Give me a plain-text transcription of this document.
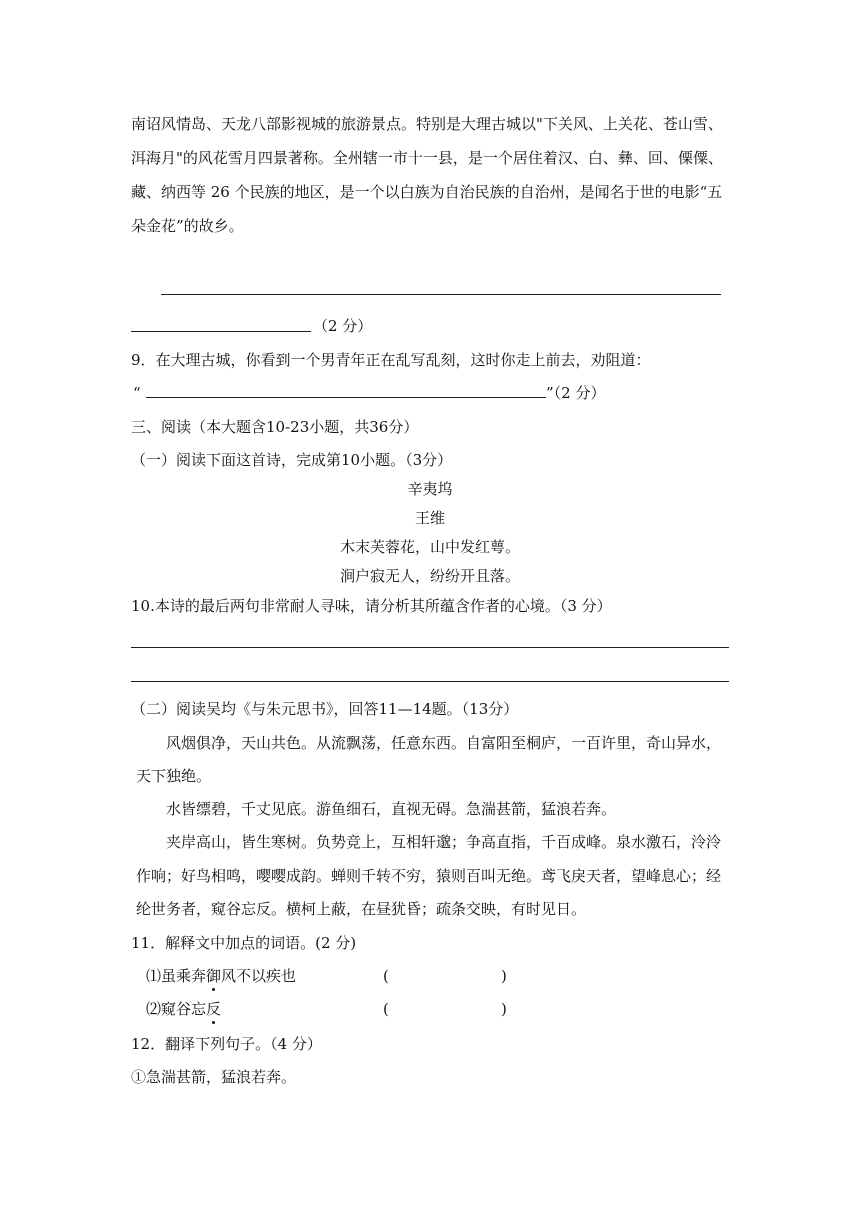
南诏风情岛、天龙八部影视城的旅游景点。特别是大理古城以"下关风、上关花、苍山雪、
洱海月"的风花雪月四景著称。全州辖一市十一县，是一个居住着汉、白、彝、回、傈僳、
藏、纳西等 26 个民族的地区，是一个以白族为自治民族的自治州，是闻名于世的电影“五
朵金花”的故乡。
（2 分）
9．在大理古城，你看到一个男青年正在乱写乱刻，这时你走上前去，劝阻道：
“	”（2 分）
三、阅读（本大题含10-23小题，共36分）
（一）阅读下面这首诗，完成第10小题。（3分）
辛夷坞
王维
木末芙蓉花，山中发红萼。
涧户寂无人，纷纷开且落。
10.本诗的最后两句非常耐人寻味，请分析其所蕴含作者的心境。（3 分）
（二）阅读吴均《与朱元思书》，回答11—14题。（13分）
风烟俱净，天山共色。从流飘荡，任意东西。自富阳至桐庐，一百许里，奇山异水，
天下独绝。
水皆缥碧，千丈见底。游鱼细石，直视无碍。急湍甚箭，猛浪若奔。
夹岸高山，皆生寒树。负势竞上，互相轩邈；争高直指，千百成峰。泉水激石，泠泠
作响；好鸟相鸣，嘤嘤成韵。蝉则千转不穷，猿则百叫无绝。鸢飞戾天者，望峰息心；经
纶世务者，窥谷忘反。横柯上蔽，在昼犹昏；疏条交映，有时见日。
11．解释文中加点的词语。(2 分)
⑴虽乘奔御风不以疾也	(	)
⑵窥谷忘反	(	)
12．翻译下列句子。（4 分）
①急湍甚箭，猛浪若奔。
